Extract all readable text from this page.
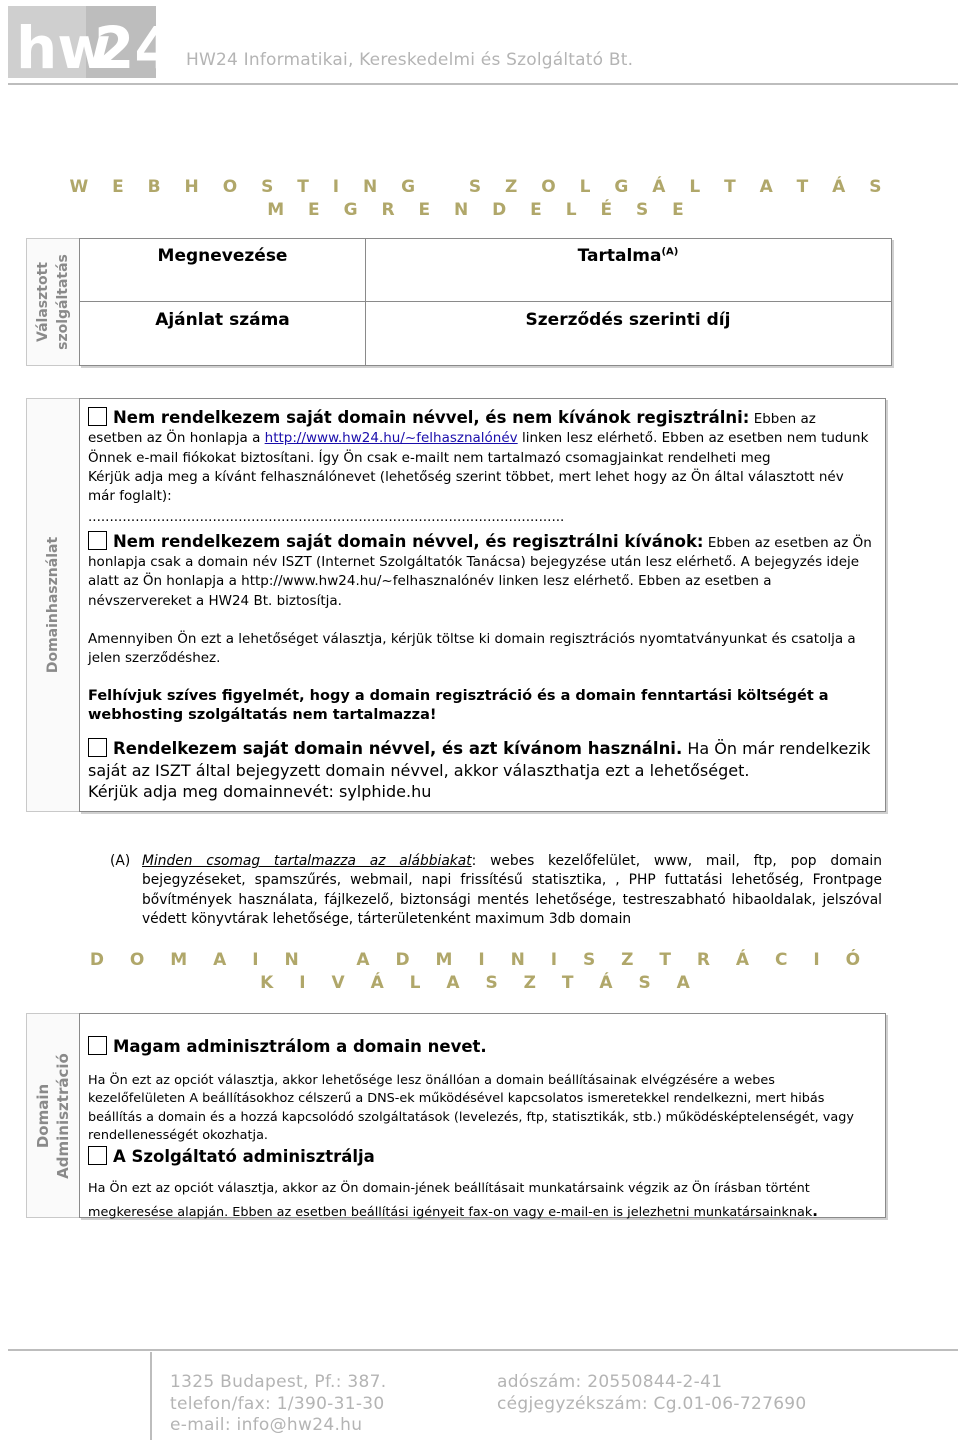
hw
24 HW24 Informatikai, Kereskedelmi és Szolgáltató Bt.
W E B H O S T I N G   S Z O L G Á L T A T Á S
M E G R E N D E L É S E
Választott szolgáltatás	Megnevezése	Tartalma$^{(A)}$
Ajánlat száma	Szerződés szerinti díj
Domainhasználat
Nem rendelkezem saját domain névvel, és nem kívánok regisztrálni: Ebben az esetben az Ön honlapja a http://www.hw24.hu/~felhasznalónév linken lesz elérhető. Ebben az esetben nem tudunk Önnek e-mail fiókokat biztosítani. Így Ön csak e-mailt nem tartalmazó csomagjainkat rendelheti meg
Kérjük adja meg a kívánt felhasználónevet (lehetőség szerint többet, mert lehet hogy az Ön által választott név már foglalt):
...............................................................................................................
Nem rendelkezem saját domain névvel, és regisztrálni kívánok: Ebben az esetben az Ön honlapja csak a domain név ISZT (Internet Szolgáltatók Tanácsa) bejegyzése után lesz elérhető. A bejegyzés ideje alatt az Ön honlapja a http://www.hw24.hu/~felhasznalónév linken lesz elérhető. Ebben az esetben a névszervereket a HW24 Bt. biztosítja.
Amennyiben Ön ezt a lehetőséget választja, kérjük töltse ki domain regisztrációs nyomtatványunkat és csatolja a jelen szerződéshez.
Felhívjuk szíves figyelmét, hogy a domain regisztráció és a domain fenntartási költségét a webhosting szolgáltatás nem tartalmazza!
Rendelkezem saját domain névvel, és azt kívánom használni. Ha Ön már rendelkezik saját az ISZT által bejegyzett domain névvel, akkor választhatja ezt a lehetőséget.
Kérjük adja meg domainnevét: sylphide.hu
(A) Minden csomag tartalmazza az alábbiakat: webes kezelőfelület, www, mail, ftp, pop domain bejegyzéseket, spamszűrés, webmail, napi frissítésű statisztika, , PHP futtatási lehetőség, Frontpage bővítmények használata, fájlkezelő, biztonsági mentés lehetősége, testreszabható hibaoldalak, jelszóval védett könyvtárak lehetősége, tárterületenként maximum 3db domain
D O M A I N   A D M I N I S Z T R Á C I Ó
K I V Á L A S Z T Á S A
Domain Adminisztráció
Magam adminisztrálom a domain nevet.
Ha Ön ezt az opciót választja, akkor lehetősége lesz önállóan a domain beállításainak elvégzésére a webes kezelőfelületen A beállításokhoz célszerű a DNS-ek működésével kapcsolatos ismeretekkel rendelkezni, mert hibás beállítás a domain és a hozzá kapcsolódó szolgáltatások (levelezés, ftp, statisztikák, stb.) működésképtelenségét, vagy rendellenességét okozhatja.
A Szolgáltató adminisztrálja
Ha Ön ezt az opciót választja, akkor az Ön domain-jének beállításait munkatársaink végzik az Ön írásban történt megkeresése alapján. Ebben az esetben beállítási igényeit fax-on vagy e-mail-en is jelezhetni munkatársainknak.
1325 Budapest, Pf.: 387.
telefon/fax: 1/390-31-30
e-mail: info@hw24.hu
adószám: 20550844-2-41
cégjegyzékszám: Cg.01-06-727690
